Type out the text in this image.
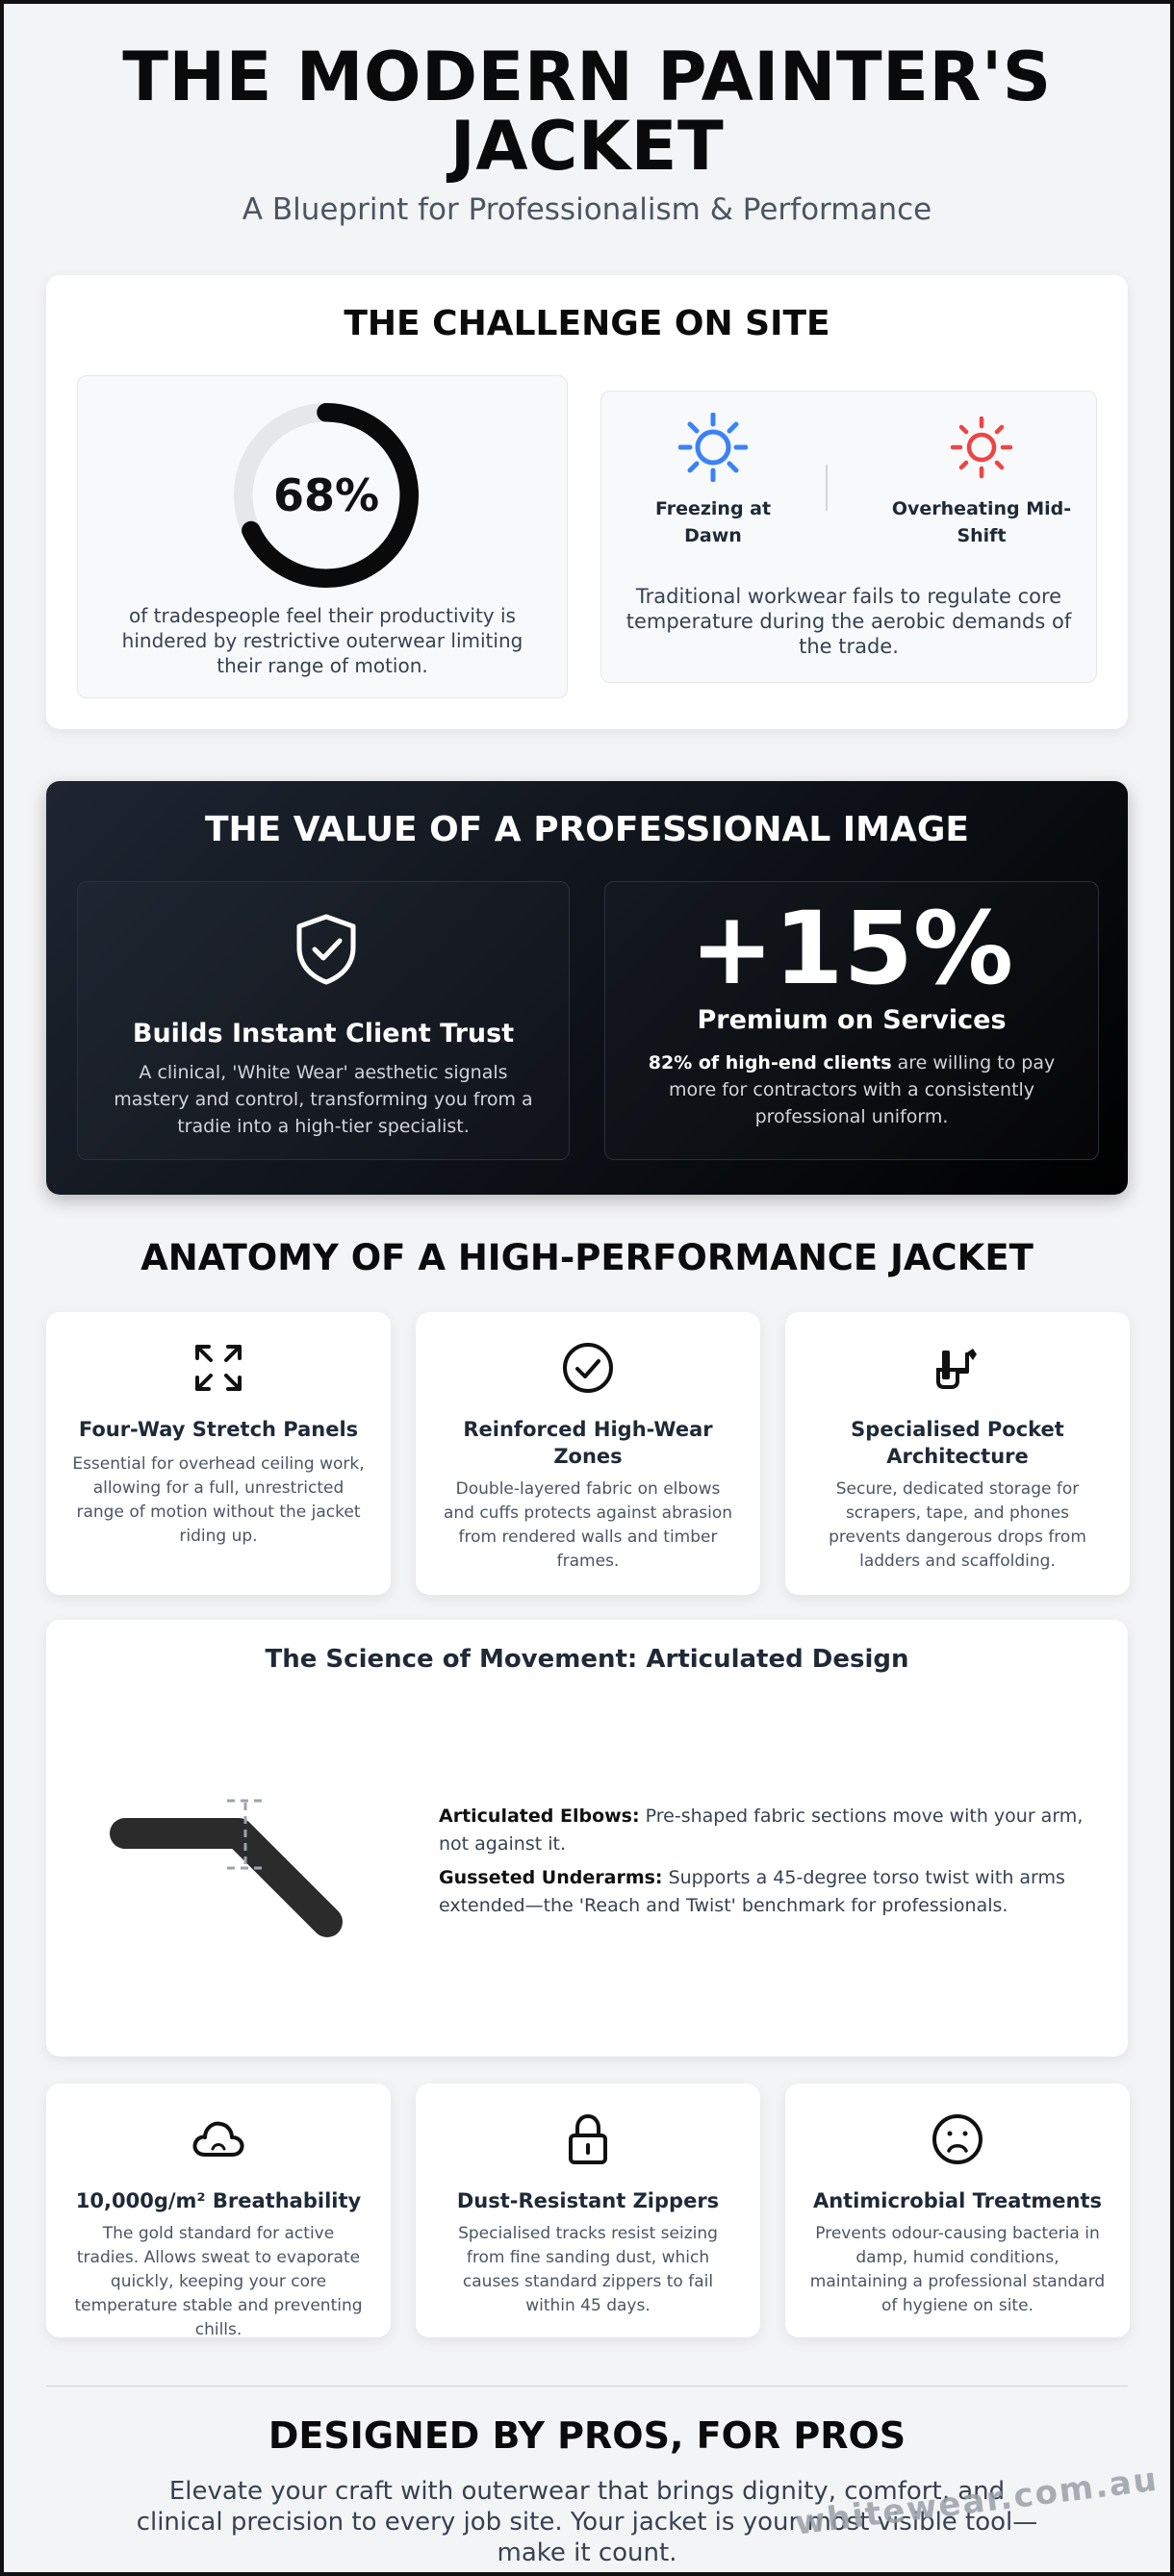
THE MODERN PAINTER'S JACKET
A Blueprint for Professionalism & Performance
THE CHALLENGE ON SITE
68%

of tradespeople feel their productivity is hindered by restrictive outerwear limiting their range of motion.

Freezing at Dawn
Overheating Mid-Shift

Traditional workwear fails to regulate core temperature during the aerobic demands of the trade.

THE VALUE OF A PROFESSIONAL IMAGE
Builds Instant Client Trust

A clinical, 'White Wear' aesthetic signals mastery and control, transforming you from a tradie into a high-tier specialist.

+15%
Premium on Services

82% of high-end clients are willing to pay more for contractors with a consistently professional uniform.

ANATOMY OF A HIGH-PERFORMANCE JACKET
Four-Way Stretch Panels

Essential for overhead ceiling work, allowing for a full, unrestricted range of motion without the jacket riding up.

Reinforced High-Wear Zones

Double-layered fabric on elbows and cuffs protects against abrasion from rendered walls and timber frames.

Specialised Pocket Architecture

Secure, dedicated storage for scrapers, tape, and phones prevents dangerous drops from ladders and scaffolding.

The Science of Movement: Articulated Design

Articulated Elbows: Pre-shaped fabric sections move with your arm, not against it.

Gusseted Underarms: Supports a 45-degree torso twist with arms extended—the 'Reach and Twist' benchmark for professionals.

10,000g/m² Breathability

The gold standard for active tradies. Allows sweat to evaporate quickly, keeping your core temperature stable and preventing chills.

Dust-Resistant Zippers

Specialised tracks resist seizing from fine sanding dust, which causes standard zippers to fail within 45 days.

Antimicrobial Treatments

Prevents odour-causing bacteria in damp, humid conditions, maintaining a professional standard of hygiene on site.

DESIGNED BY PROS, FOR PROS

Elevate your craft with outerwear that brings dignity, comfort, and clinical precision to every job site. Your jacket is your most visible tool—make it count.

whitewear.com.au
